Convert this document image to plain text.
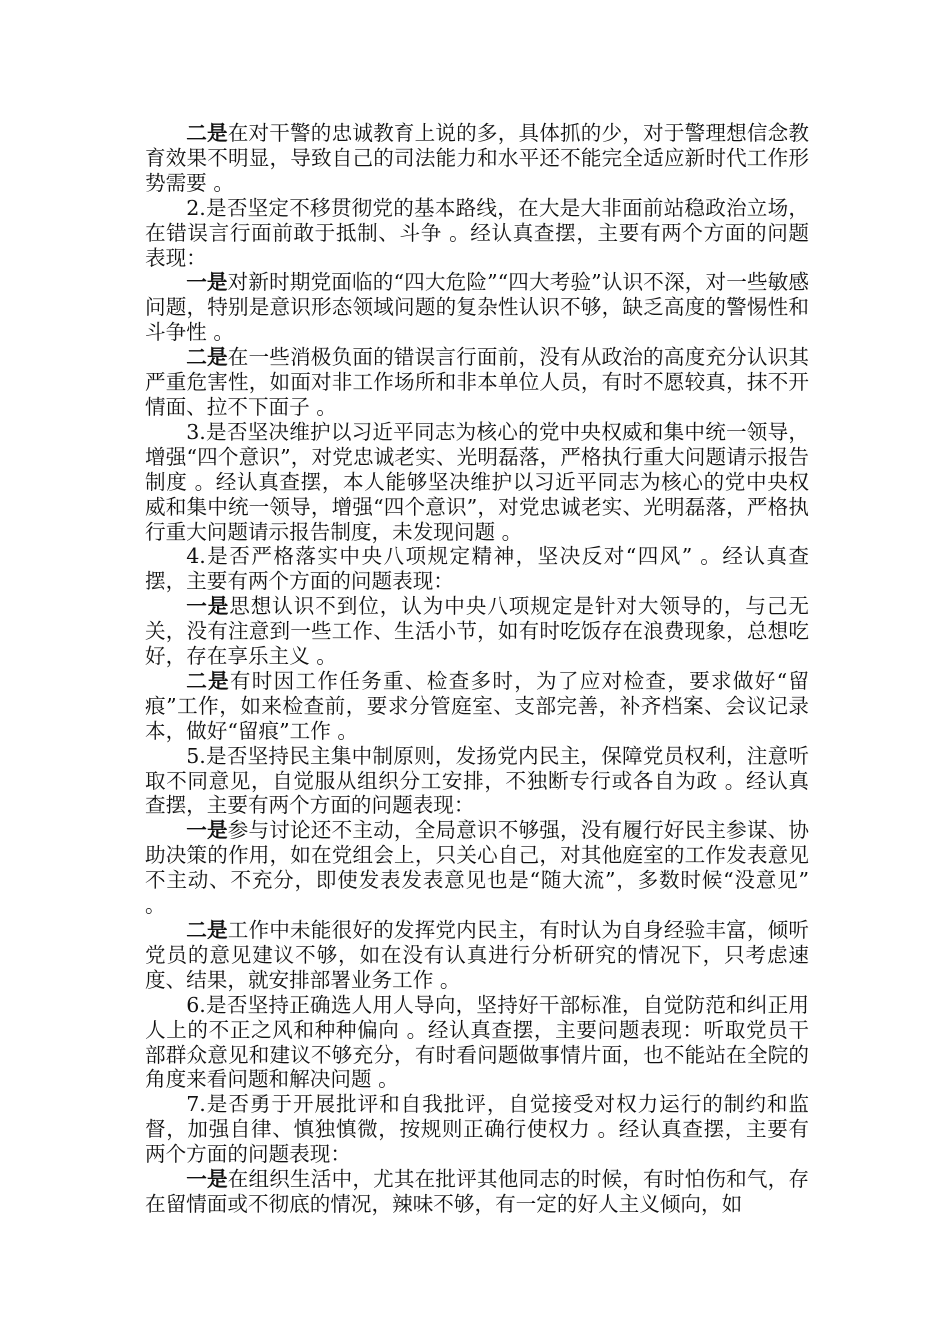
二是在对干警的忠诚教育上说的多，具体抓的少，对于警理想信念教育效果不明显，导致自己的司法能力和水平还不能完全适应新时代工作形势需要 。

2.是否坚定不移贯彻党的基本路线，在大是大非面前站稳政治立场，在错误言行面前敢于抵制、斗争 。经认真查摆，主要有两个方面的问题表现：

一是对新时期党面临的“四大危险”“四大考验”认识不深，对一些敏感问题，特别是意识形态领域问题的复杂性认识不够，缺乏高度的警惕性和斗争性 。

二是在一些消极负面的错误言行面前，没有从政治的高度充分认识其严重危害性，如面对非工作场所和非本单位人员，有时不愿较真，抹不开情面、拉不下面子 。

3.是否坚决维护以习近平同志为核心的党中央权威和集中统一领导，增强“四个意识”，对党忠诚老实、光明磊落，严格执行重大问题请示报告制度 。经认真查摆，本人能够坚决维护以习近平同志为核心的党中央权威和集中统一领导，增强“四个意识”，对党忠诚老实、光明磊落，严格执行重大问题请示报告制度，未发现问题 。

4.是否严格落实中央八项规定精神，坚决反对“四风” 。经认真查摆，主要有两个方面的问题表现：

一是思想认识不到位，认为中央八项规定是针对大领导的，与己无关，没有注意到一些工作、生活小节，如有时吃饭存在浪费现象，总想吃好，存在享乐主义 。

二是有时因工作任务重、检查多时，为了应对检查，要求做好“留痕”工作，如来检查前，要求分管庭室、支部完善，补齐档案、会议记录本，做好“留痕”工作 。

5.是否坚持民主集中制原则，发扬党内民主，保障党员权利，注意听取不同意见，自觉服从组织分工安排，不独断专行或各自为政 。经认真查摆，主要有两个方面的问题表现：

一是参与讨论还不主动，全局意识不够强，没有履行好民主参谋、协助决策的作用，如在党组会上，只关心自己，对其他庭室的工作发表意见不主动、不充分，即使发表发表意见也是“随大流”，多数时候“没意见” 。

二是工作中未能很好的发挥党内民主，有时认为自身经验丰富，倾听党员的意见建议不够，如在没有认真进行分析研究的情况下，只考虑速度、结果，就安排部署业务工作 。

6.是否坚持正确选人用人导向，坚持好干部标准，自觉防范和纠正用人上的不正之风和种种偏向 。经认真查摆，主要问题表现：听取党员干部群众意见和建议不够充分，有时看问题做事情片面，也不能站在全院的角度来看问题和解决问题 。

7.是否勇于开展批评和自我批评，自觉接受对权力运行的制约和监督，加强自律、慎独慎微，按规则正确行使权力 。经认真查摆，主要有两个方面的问题表现：

一是在组织生活中，尤其在批评其他同志的时候，有时怕伤和气，存在留情面或不彻底的情况，辣味不够，有一定的好人主义倾向，如
